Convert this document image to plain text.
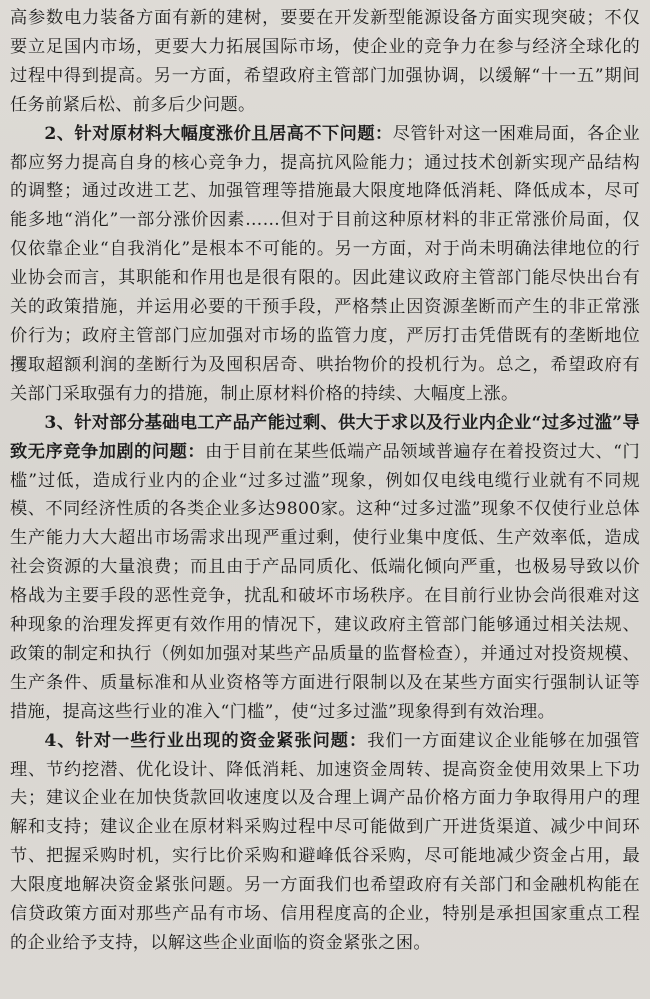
高参数电力装备方面有新的建树，要要在开发新型能源设备方面实现突破；不仅要立足国内市场，更要大力拓展国际市场，使企业的竞争力在参与经济全球化的过程中得到提高。另一方面，希望政府主管部门加强协调，以缓解“十一五”期间任务前紧后松、前多后少问题。

2、针对原材料大幅度涨价且居高不下问题：尽管针对这一困难局面，各企业都应努力提高自身的核心竞争力，提高抗风险能力；通过技术创新实现产品结构的调整；通过改进工艺、加强管理等措施最大限度地降低消耗、降低成本，尽可能多地“消化”一部分涨价因素……但对于目前这种原材料的非正常涨价局面，仅仅依靠企业“自我消化”是根本不可能的。另一方面，对于尚未明确法律地位的行业协会而言，其职能和作用也是很有限的。因此建议政府主管部门能尽快出台有关的政策措施，并运用必要的干预手段，严格禁止因资源垄断而产生的非正常涨价行为；政府主管部门应加强对市场的监管力度，严厉打击凭借既有的垄断地位攫取超额利润的垄断行为及囤积居奇、哄抬物价的投机行为。总之，希望政府有关部门采取强有力的措施，制止原材料价格的持续、大幅度上涨。

3、针对部分基础电工产品产能过剩、供大于求以及行业内企业“过多过滥”导致无序竞争加剧的问题：由于目前在某些低端产品领域普遍存在着投资过大、“门槛”过低，造成行业内的企业“过多过滥”现象，例如仅电线电缆行业就有不同规模、不同经济性质的各类企业多达9800家。这种“过多过滥”现象不仅使行业总体生产能力大大超出市场需求出现严重过剩，使行业集中度低、生产效率低，造成社会资源的大量浪费；而且由于产品同质化、低端化倾向严重，也极易导致以价格战为主要手段的恶性竞争，扰乱和破坏市场秩序。在目前行业协会尚很难对这种现象的治理发挥更有效作用的情况下，建议政府主管部门能够通过相关法规、政策的制定和执行（例如加强对某些产品质量的监督检查），并通过对投资规模、生产条件、质量标准和从业资格等方面进行限制以及在某些方面实行强制认证等措施，提高这些行业的准入“门槛”，使“过多过滥”现象得到有效治理。

4、针对一些行业出现的资金紧张问题：我们一方面建议企业能够在加强管理、节约挖潜、优化设计、降低消耗、加速资金周转、提高资金使用效果上下功夫；建议企业在加快货款回收速度以及合理上调产品价格方面力争取得用户的理解和支持；建议企业在原材料采购过程中尽可能做到广开进货渠道、减少中间环节、把握采购时机，实行比价采购和避峰低谷采购，尽可能地减少资金占用，最大限度地解决资金紧张问题。另一方面我们也希望政府有关部门和金融机构能在信贷政策方面对那些产品有市场、信用程度高的企业，特别是承担国家重点工程的企业给予支持，以解这些企业面临的资金紧张之困。
